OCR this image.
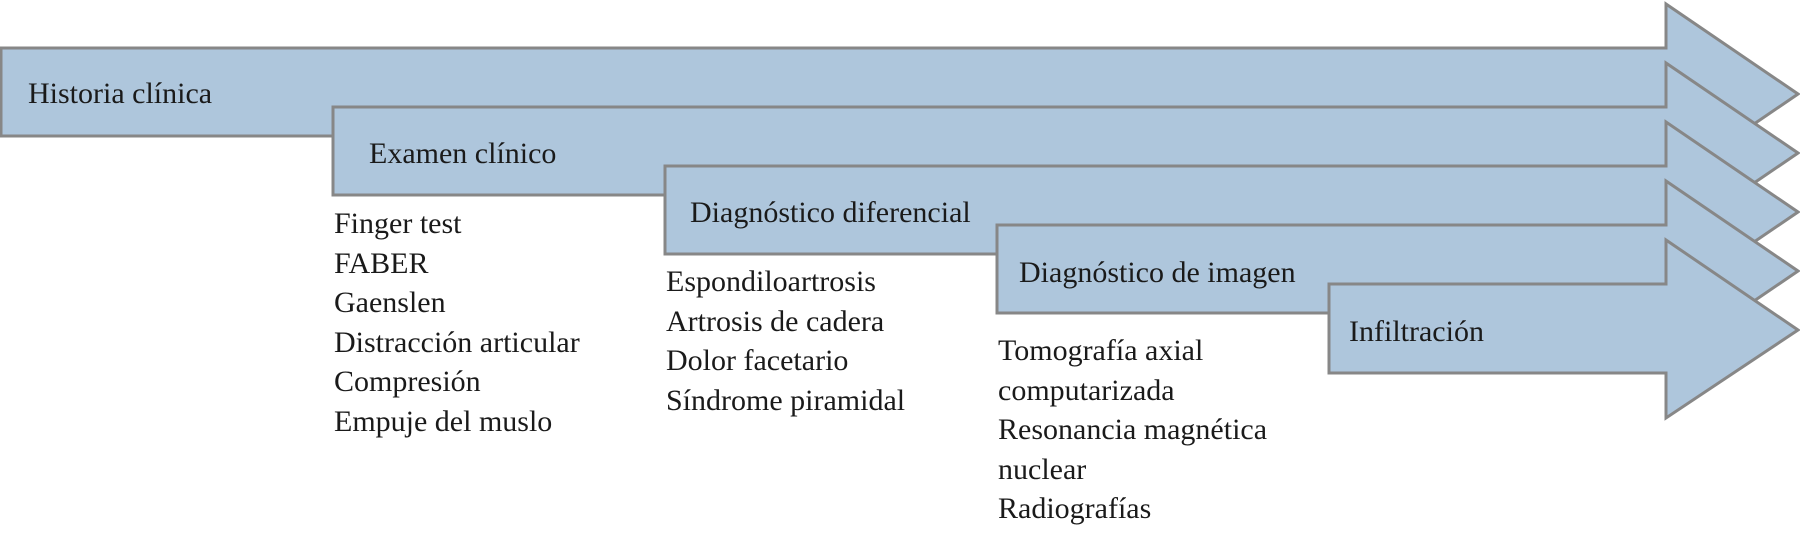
Historia clínica
Examen clínico
Diagnóstico diferencial
Diagnóstico de imagen
Infiltración
Finger test
FABER
Gaenslen
Distracción articular
Compresión
Empuje del muslo
Espondiloartrosis
Artrosis de cadera
Dolor facetario
Síndrome piramidal
Tomografía axial
computarizada
Resonancia magnética
nuclear
Radiografías
